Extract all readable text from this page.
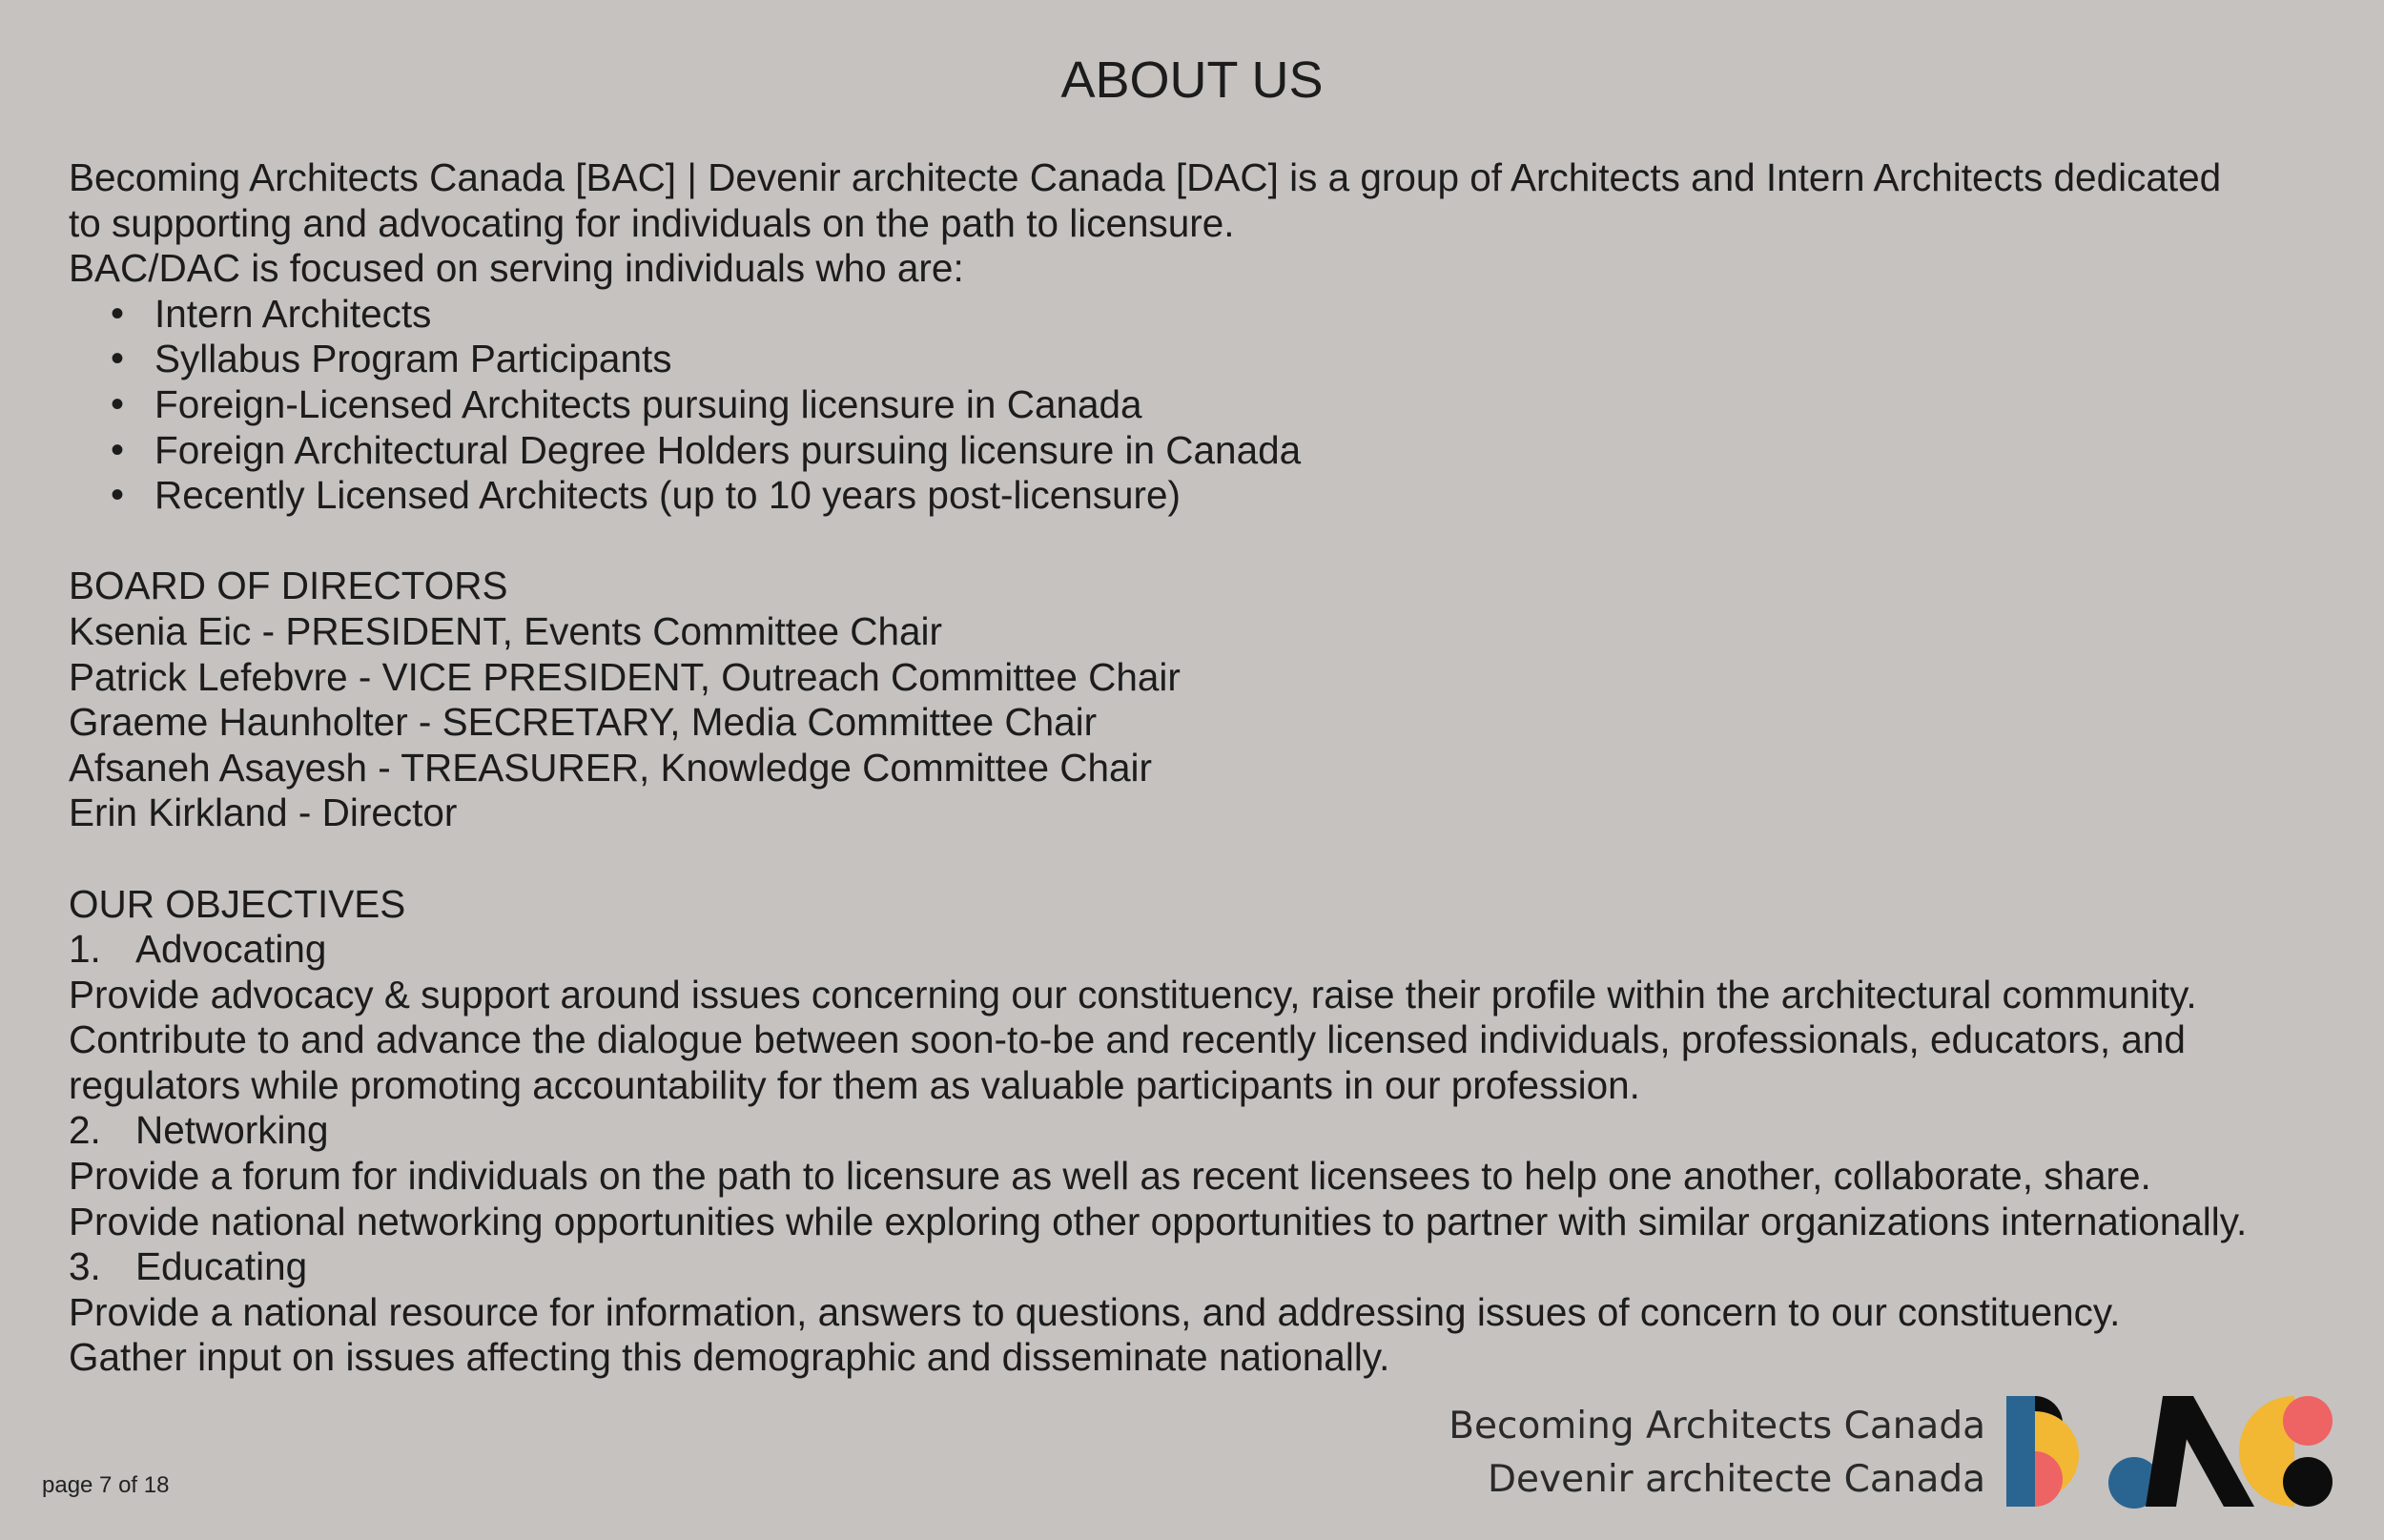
ABOUT US
Becoming Architects Canada [BAC] | Devenir architecte Canada [DAC] is a group of Architects and Intern Architects dedicated
to supporting and advocating for individuals on the path to licensure.
BAC/DAC is focused on serving individuals who are:
• Intern Architects
• Syllabus Program Participants
• Foreign-Licensed Architects pursuing licensure in Canada
• Foreign Architectural Degree Holders pursuing licensure in Canada
• Recently Licensed Architects (up to 10 years post-licensure)
BOARD OF DIRECTORS
Ksenia Eic - PRESIDENT, Events Committee Chair
Patrick Lefebvre - VICE PRESIDENT, Outreach Committee Chair
Graeme Haunholter - SECRETARY, Media Committee Chair
Afsaneh Asayesh - TREASURER, Knowledge Committee Chair
Erin Kirkland - Director
OUR OBJECTIVES
1. Advocating
Provide advocacy & support around issues concerning our constituency, raise their profile within the architectural community.
Contribute to and advance the dialogue between soon-to-be and recently licensed individuals, professionals, educators, and
regulators while promoting accountability for them as valuable participants in our profession.
2. Networking
Provide a forum for individuals on the path to licensure as well as recent licensees to help one another, collaborate, share.
Provide national networking opportunities while exploring other opportunities to partner with similar organizations internationally.
3. Educating
Provide a national resource for information, answers to questions, and addressing issues of concern to our constituency.
Gather input on issues affecting this demographic and disseminate nationally.
page 7 of 18
Becoming Architects Canada
Devenir architecte Canada
